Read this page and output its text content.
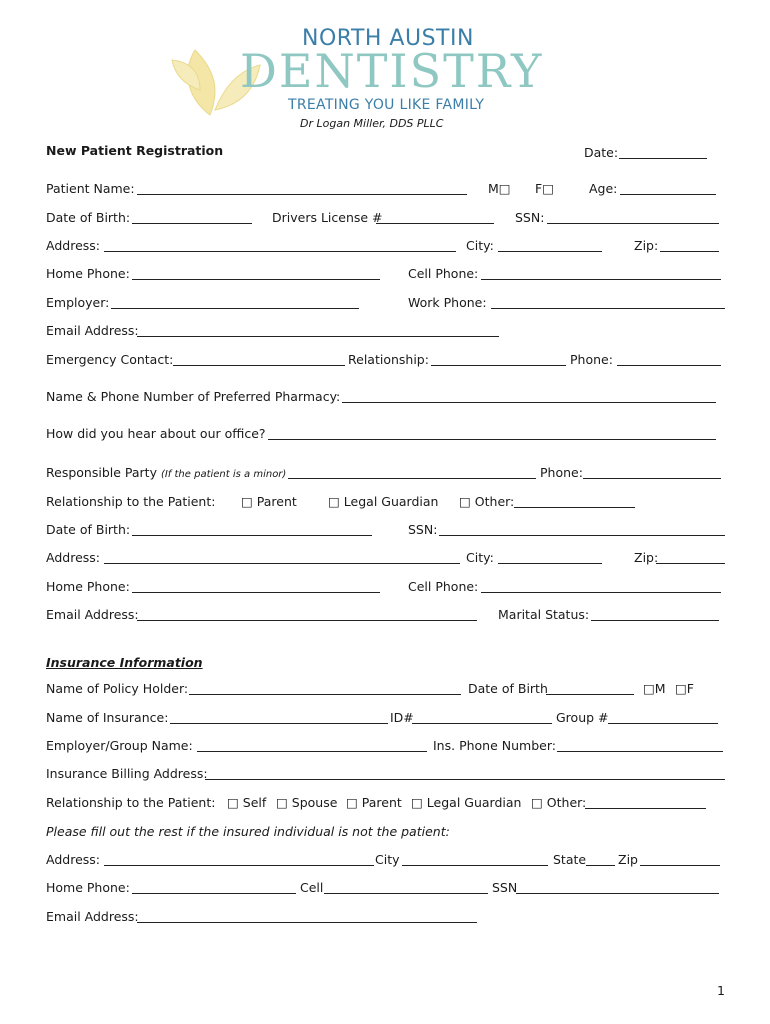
NORTH AUSTIN
DENTISTRY
TREATING YOU LIKE FAMILY
Dr Logan Miller, DDS PLLC
New Patient Registration	Date:
Patient Name:	M□ F□	Age:
Date of Birth:	Drivers License #	SSN:
Address:	City:	Zip:
Home Phone:	Cell Phone:
Employer:	Work Phone:
Email Address:
Emergency Contact:	Relationship:	Phone:
Name & Phone Number of Preferred Pharmacy:
How did you hear about our office?
Responsible Party (If the patient is a minor)	Phone:
Relationship to the Patient: □ Parent □ Legal Guardian □ Other:
Date of Birth:	SSN:
Address:	City:	Zip:
Home Phone:	Cell Phone:
Email Address:	Marital Status:
Insurance Information
Name of Policy Holder:	Date of Birth	□M □F
Name of Insurance:	ID#	Group #
Employer/Group Name:	Ins. Phone Number:
Insurance Billing Address:
Relationship to the Patient: □ Self □ Spouse □ Parent □ Legal Guardian □ Other:
Please fill out the rest if the insured individual is not the patient:
Address:	City	State	Zip
Home Phone:	Cell	SSN
Email Address:
1
